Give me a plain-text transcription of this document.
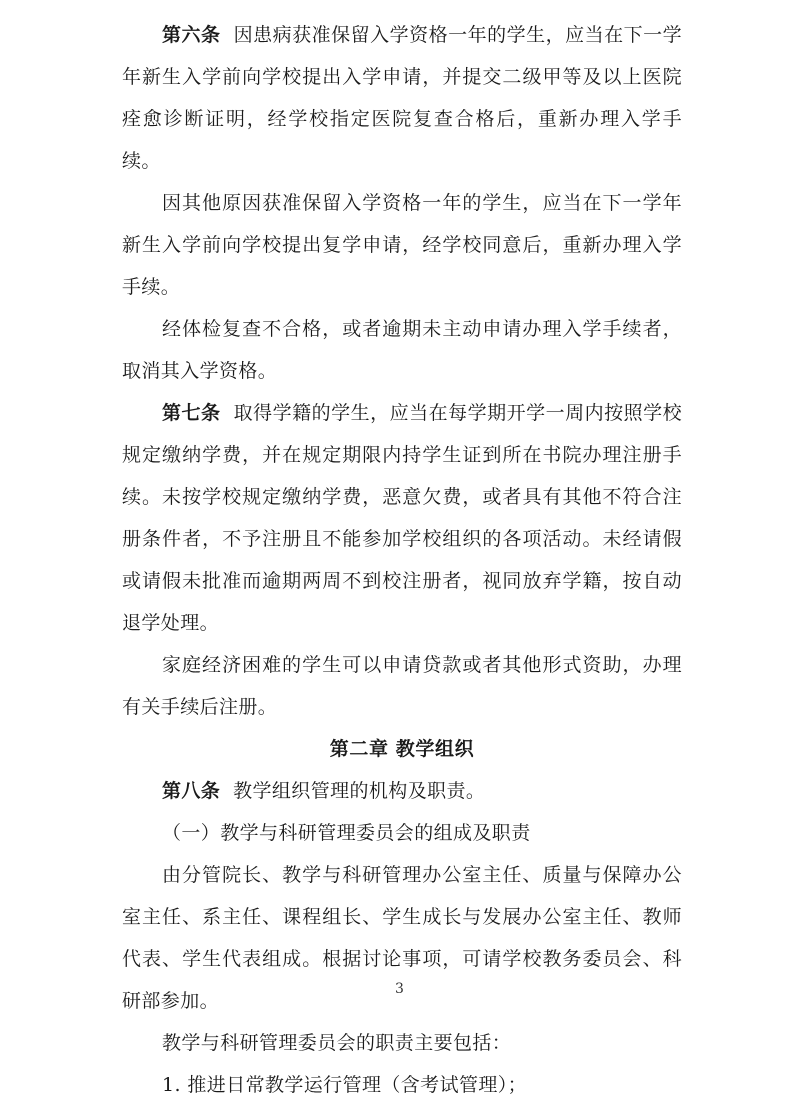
第六条 因患病获准保留入学资格一年的学生，应当在下一学年新生入学前向学校提出入学申请，并提交二级甲等及以上医院痊愈诊断证明，经学校指定医院复查合格后，重新办理入学手续。

因其他原因获准保留入学资格一年的学生，应当在下一学年新生入学前向学校提出复学申请，经学校同意后，重新办理入学手续。

经体检复查不合格，或者逾期未主动申请办理入学手续者，取消其入学资格。

第七条 取得学籍的学生，应当在每学期开学一周内按照学校规定缴纳学费，并在规定期限内持学生证到所在书院办理注册手续。未按学校规定缴纳学费，恶意欠费，或者具有其他不符合注册条件者，不予注册且不能参加学校组织的各项活动。未经请假或请假未批准而逾期两周不到校注册者，视同放弃学籍，按自动退学处理。

家庭经济困难的学生可以申请贷款或者其他形式资助，办理有关手续后注册。

第二章 教学组织

第八条 教学组织管理的机构及职责。

（一）教学与科研管理委员会的组成及职责

由分管院长、教学与科研管理办公室主任、质量与保障办公室主任、系主任、课程组长、学生成长与发展办公室主任、教师代表、学生代表组成。根据讨论事项，可请学校教务委员会、科研部参加。

教学与科研管理委员会的职责主要包括：

1. 推进日常教学运行管理（含考试管理）；

3
